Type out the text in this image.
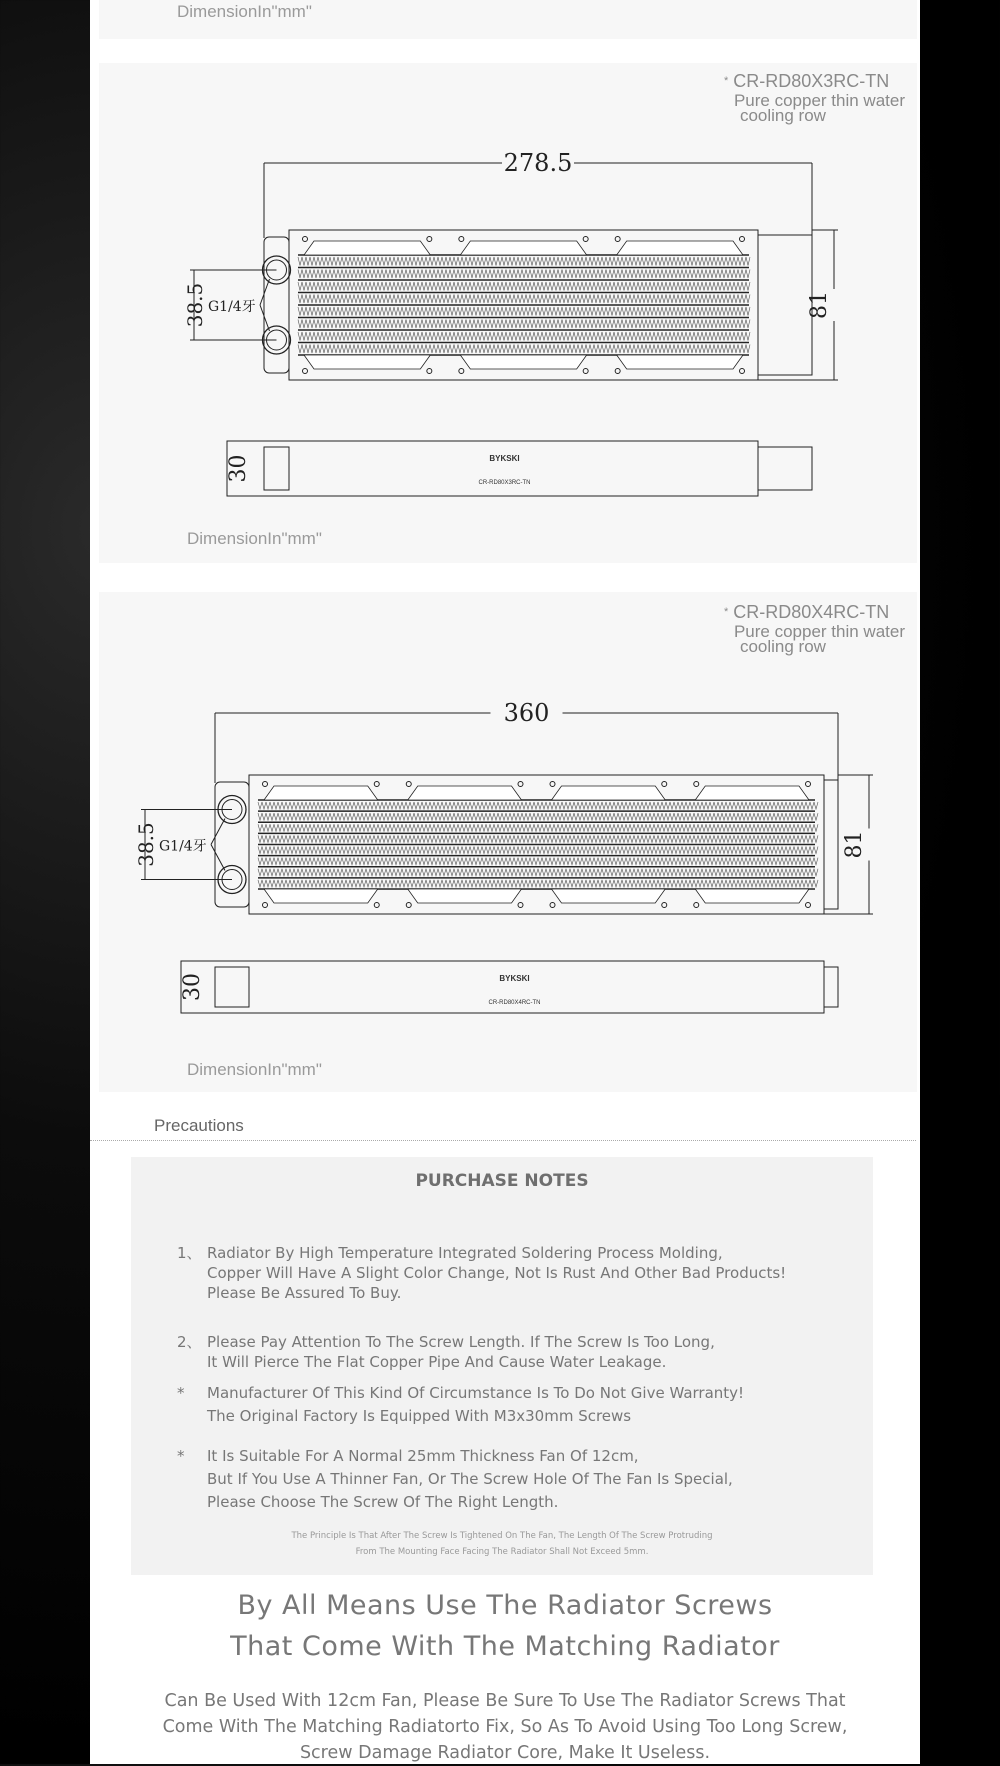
DimensionIn"mm"
* CR-RD80X3RC-TN
Pure copper thin water
cooling row
278.5
38.5 G1/4牙	81
30	BYKSKI
CR-RD80X3RC-TN
DimensionIn"mm"
* CR-RD80X4RC-TN
Pure copper thin water
cooling row
360
38.5 G1/4牙	81
30	BYKSKI
CR-RD80X4RC-TN
DimensionIn"mm"
Precautions
PURCHASE NOTES
1、 Radiator By High Temperature Integrated Soldering Process Molding,
Copper Will Have A Slight Color Change, Not Is Rust And Other Bad Products!
Please Be Assured To Buy.
2、 Please Pay Attention To The Screw Length. If The Screw Is Too Long,
It Will Pierce The Flat Copper Pipe And Cause Water Leakage.
* Manufacturer Of This Kind Of Circumstance Is To Do Not Give Warranty!
The Original Factory Is Equipped With M3x30mm Screws
* It Is Suitable For A Normal 25mm Thickness Fan Of 12cm,
But If You Use A Thinner Fan, Or The Screw Hole Of The Fan Is Special,
Please Choose The Screw Of The Right Length.
The Principle Is That After The Screw Is Tightened On The Fan, The Length Of The Screw Protruding
From The Mounting Face Facing The Radiator Shall Not Exceed 5mm.
By All Means Use The Radiator Screws
That Come With The Matching Radiator
Can Be Used With 12cm Fan, Please Be Sure To Use The Radiator Screws That
Come With The Matching Radiatorto Fix, So As To Avoid Using Too Long Screw,
Screw Damage Radiator Core, Make It Useless.
